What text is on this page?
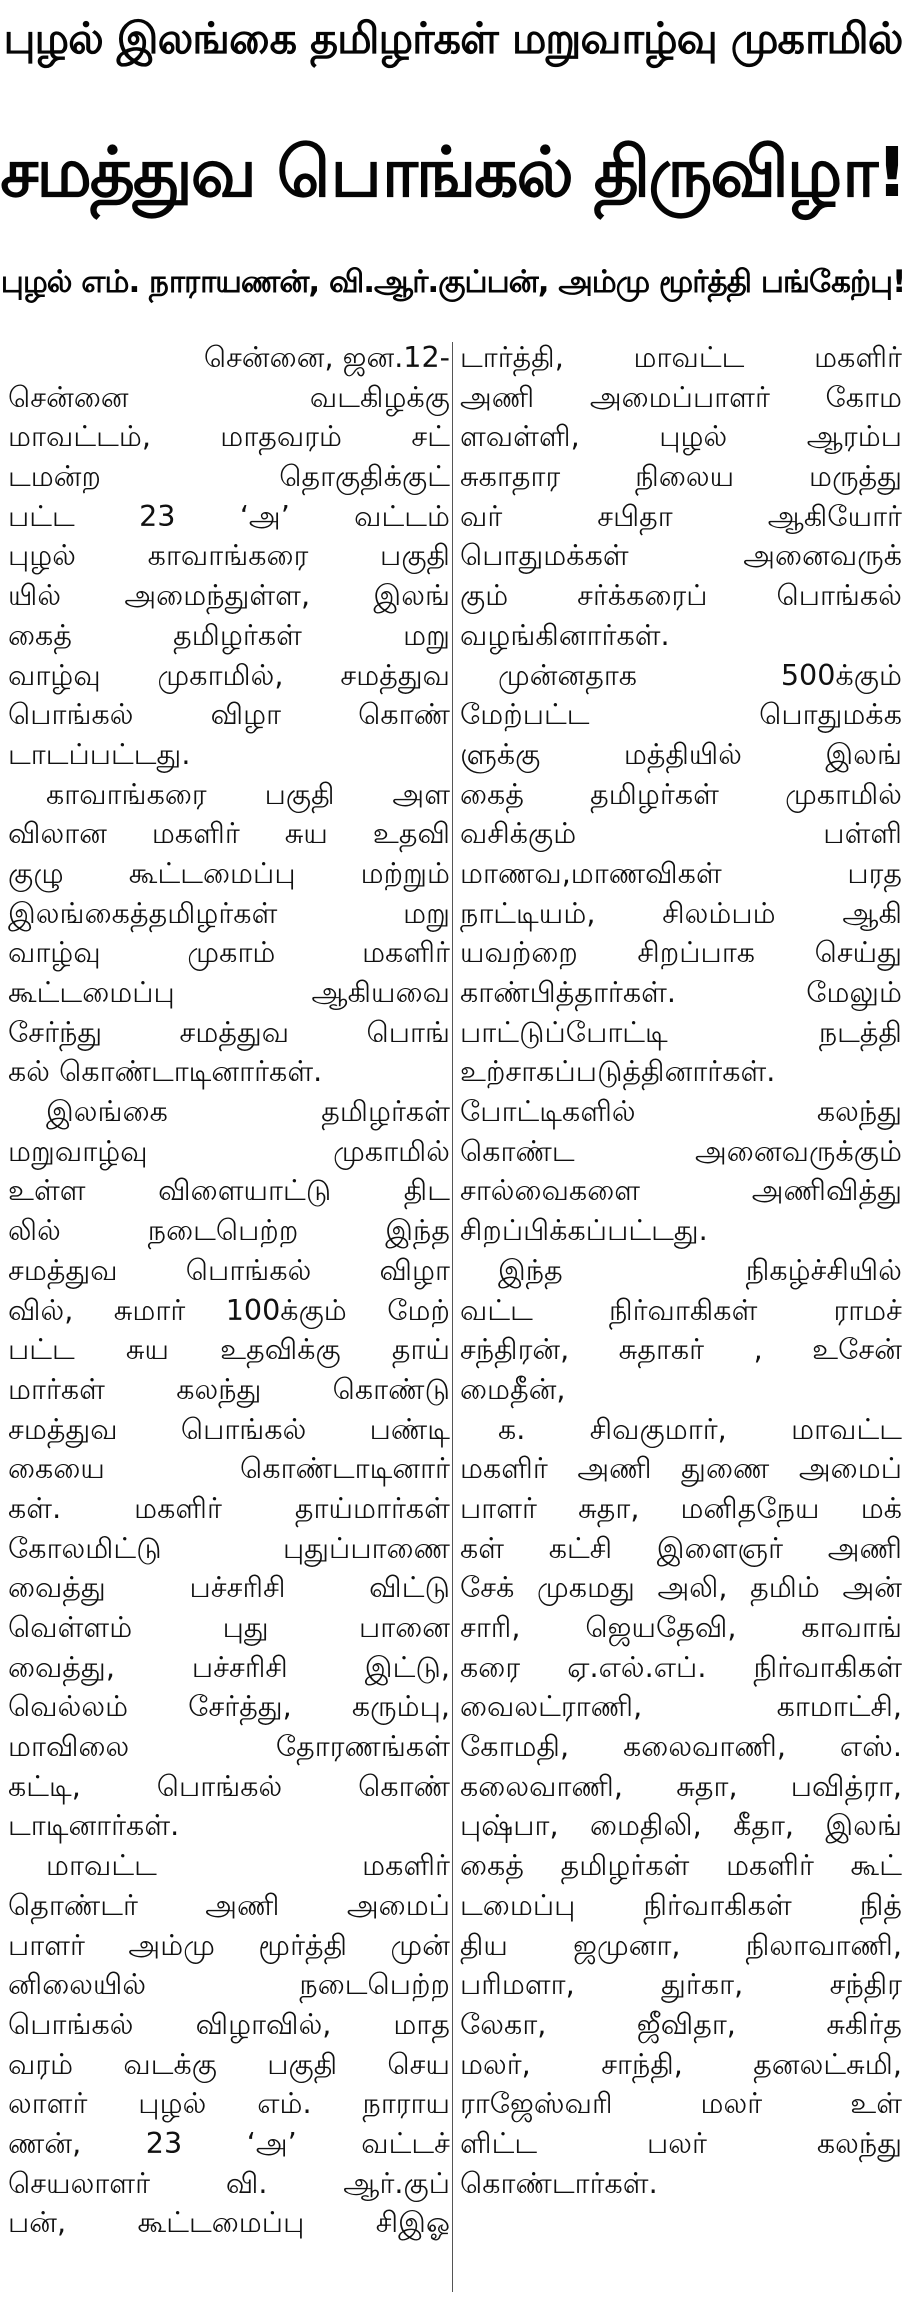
புழல் இலங்கை தமிழர்கள் மறுவாழ்வு முகாமில்
சமத்துவ பொங்கல் திருவிழா!
புழல் எம். நாராயணன், வி.ஆர்.குப்பன், அம்மு மூர்த்தி பங்கேற்பு!
சென்னை, ஜன.12-
சென்னை வடகிழக்கு
மாவட்டம், மாதவரம் சட்
டமன்ற தொகுதிக்குட்
பட்ட 23 ‘அ’ வட்டம்
புழல் காவாங்கரை பகுதி
யில் அமைந்துள்ள, இலங்
கைத் தமிழர்கள் மறு
வாழ்வு முகாமில், சமத்துவ
பொங்கல் விழா கொண்
டாடப்பட்டது.
காவாங்கரை பகுதி அள
விலான மகளிர் சுய உதவி
குழு கூட்டமைப்பு மற்றும்
இலங்கைத்தமிழர்கள் மறு
வாழ்வு முகாம் மகளிர்
கூட்டமைப்பு ஆகியவை
சேர்ந்து சமத்துவ பொங்
கல் கொண்டாடினார்கள்.
இலங்கை தமிழர்கள்
மறுவாழ்வு முகாமில்
உள்ள விளையாட்டு திட
லில் நடைபெற்ற இந்த
சமத்துவ பொங்கல் விழா
வில், சுமார் 100க்கும் மேற்
பட்ட சுய உதவிக்கு தாய்
மார்கள் கலந்து கொண்டு
சமத்துவ பொங்கல் பண்டி
கையை கொண்டாடினார்
கள். மகளிர் தாய்மார்கள்
கோலமிட்டு புதுப்பாணை
வைத்து பச்சரிசி விட்டு
வெள்ளம் புது பானை
வைத்து, பச்சரிசி இட்டு,
வெல்லம் சேர்த்து, கரும்பு,
மாவிலை தோரணங்கள்
கட்டி, பொங்கல் கொண்
டாடினார்கள்.
மாவட்ட மகளிர்
தொண்டர் அணி அமைப்
பாளர் அம்மு மூர்த்தி முன்
னிலையில் நடைபெற்ற
பொங்கல் விழாவில், மாத
வரம் வடக்கு பகுதி செய
லாளர் புழல் எம். நாராய
ணன், 23 ‘அ’ வட்டச்
செயலாளர் வி. ஆர்.குப்
பன், கூட்டமைப்பு சிஇஓ
டார்த்தி, மாவட்ட மகளிர்
அணி அமைப்பாளர் கோம
ளவள்ளி, புழல் ஆரம்ப
சுகாதார நிலைய மருத்து
வர் சபிதா ஆகியோர்
பொதுமக்கள் அனைவருக்
கும் சர்க்கரைப் பொங்கல்
வழங்கினார்கள்.
முன்னதாக 500க்கும்
மேற்பட்ட பொதுமக்க
ளுக்கு மத்தியில் இலங்
கைத் தமிழர்கள் முகாமில்
வசிக்கும் பள்ளி
மாணவ,மாணவிகள் பரத
நாட்டியம், சிலம்பம் ஆகி
யவற்றை சிறப்பாக செய்து
காண்பித்தார்கள். மேலும்
பாட்டுப்போட்டி நடத்தி
உற்சாகப்படுத்தினார்கள்.
போட்டிகளில் கலந்து
கொண்ட அனைவருக்கும்
சால்வைகளை அணிவித்து
சிறப்பிக்கப்பட்டது.
இந்த நிகழ்ச்சியில்
வட்ட நிர்வாகிகள் ராமச்
சந்திரன், சுதாகர் , உசேன்
மைதீன்,
க. சிவகுமார், மாவட்ட
மகளிர் அணி துணை அமைப்
பாளர் சுதா, மனிதநேய மக்
கள் கட்சி இளைஞர் அணி
சேக் முகமது அலி, தமிம் அன்
சாரி, ஜெயதேவி, காவாங்
கரை ஏ.எல்.எப். நிர்வாகிகள்
வைலட்ராணி, காமாட்சி,
கோமதி, கலைவாணி, எஸ்.
கலைவாணி, சுதா, பவித்ரா,
புஷ்பா, மைதிலி, கீதா, இலங்
கைத் தமிழர்கள் மகளிர் கூட்
டமைப்பு நிர்வாகிகள் நித்
திய ஜமுனா, நிலாவாணி,
பரிமளா, துர்கா, சந்திர
லேகா, ஜீவிதா, சுகிர்த
மலர், சாந்தி, தனலட்சுமி,
ராஜேஸ்வரி மலர் உள்
ளிட்ட பலர் கலந்து
கொண்டார்கள்.
